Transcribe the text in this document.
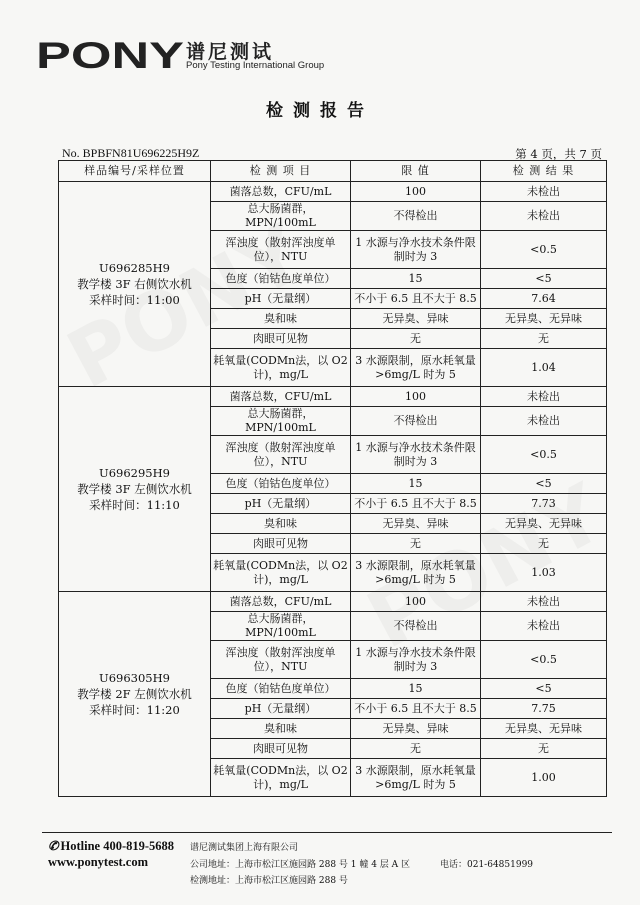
PONY 谱尼测试
Pony Testing International Group
检测报告
No. BPBFN81U696225H9Z	第 4 页，共 7 页
样品编号/采样位置	检 测 项 目	限 值	检 测 结 果

U696285H9
教学楼 3F 右侧饮水机
采样时间：11:00	菌落总数，CFU/mL	100	未检出
	总大肠菌群，MPN/100mL	不得检出	未检出
	浑浊度（散射浑浊度单位），NTU	1 水源与净水技术条件限制时为 3	<0.5
	色度（铂钴色度单位）	15	<5
	pH（无量纲）	不小于 6.5 且不大于 8.5	7.64
	臭和味	无异臭、异味	无异臭、无异味
	肉眼可见物	无	无
	耗氧量(CODMn法，以 O2 计)，mg/L	3 水源限制，原水耗氧量 >6mg/L 时为 5	1.04

U696295H9
教学楼 3F 左侧饮水机
采样时间：11:10	菌落总数，CFU/mL	100	未检出
	总大肠菌群，MPN/100mL	不得检出	未检出
	浑浊度（散射浑浊度单位），NTU	1 水源与净水技术条件限制时为 3	<0.5
	色度（铂钴色度单位）	15	<5
	pH（无量纲）	不小于 6.5 且不大于 8.5	7.73
	臭和味	无异臭、异味	无异臭、无异味
	肉眼可见物	无	无
	耗氧量(CODMn法，以 O2 计)，mg/L	3 水源限制，原水耗氧量 >6mg/L 时为 5	1.03

U696305H9
教学楼 2F 左侧饮水机
采样时间：11:20	菌落总数，CFU/mL	100	未检出
	总大肠菌群，MPN/100mL	不得检出	未检出
	浑浊度（散射浑浊度单位），NTU	1 水源与净水技术条件限制时为 3	<0.5
	色度（铂钴色度单位）	15	<5
	pH（无量纲）	不小于 6.5 且不大于 8.5	7.75
	臭和味	无异臭、异味	无异臭、无异味
	肉眼可见物	无	无
	耗氧量(CODMn法，以 O2 计)，mg/L	3 水源限制，原水耗氧量 >6mg/L 时为 5	1.00
✆ Hotline 400-819-5688
www.ponytest.com
谱尼测试集团上海有限公司
公司地址：上海市松江区施园路 288 号 1 幢 4 层 A 区	电话：021-64851999
检测地址：上海市松江区施园路 288 号
